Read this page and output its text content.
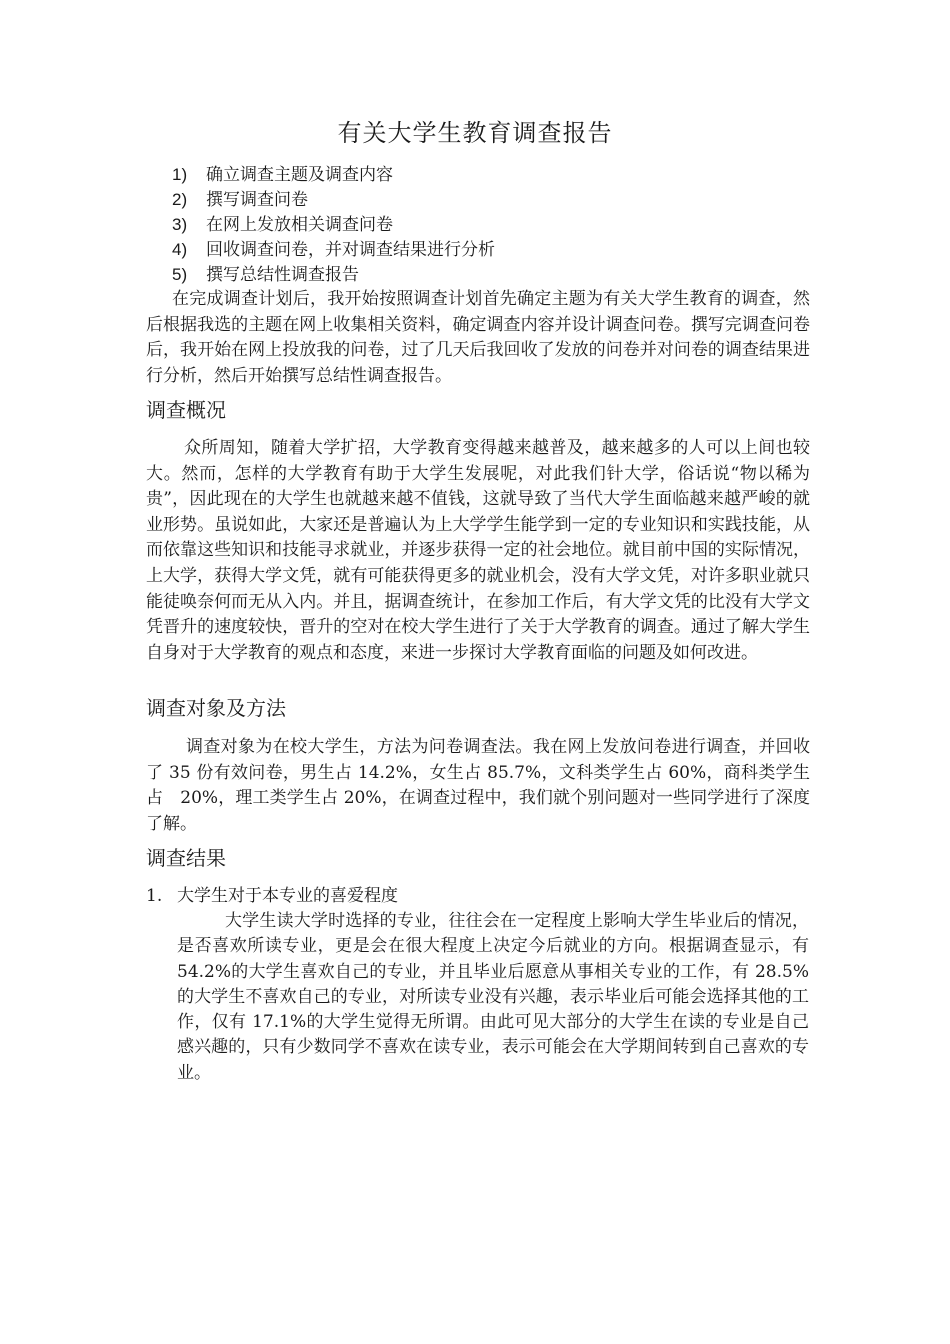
有关大学生教育调查报告
1) 确立调查主题及调查内容
2) 撰写调查问卷
3) 在网上发放相关调查问卷
4) 回收调查问卷，并对调查结果进行分析
5) 撰写总结性调查报告

在完成调查计划后，我开始按照调查计划首先确定主题为有关大学生教育的调查，然后根据我选的主题在网上收集相关资料，确定调查内容并设计调查问卷。撰写完调查问卷后，我开始在网上投放我的问卷，过了几天后我回收了发放的问卷并对问卷的调查结果进行分析，然后开始撰写总结性调查报告。

调查概况

众所周知，随着大学扩招，大学教育变得越来越普及，越来越多的人可以上间也较大。然而，怎样的大学教育有助于大学生发展呢，对此我们针大学，俗话说“物以稀为贵”，因此现在的大学生也就越来越不值钱，这就导致了当代大学生面临越来越严峻的就业形势。虽说如此，大家还是普遍认为上大学学生能学到一定的专业知识和实践技能，从而依靠这些知识和技能寻求就业，并逐步获得一定的社会地位。就目前中国的实际情况，上大学，获得大学文凭，就有可能获得更多的就业机会，没有大学文凭，对许多职业就只能徒唤奈何而无从入内。并且，据调查统计，在参加工作后，有大学文凭的比没有大学文凭晋升的速度较快，晋升的空对在校大学生进行了关于大学教育的调查。通过了解大学生自身对于大学教育的观点和态度，来进一步探讨大学教育面临的问题及如何改进。

调查对象及方法

调查对象为在校大学生，方法为问卷调查法。我在网上发放问卷进行调查，并回收了 35 份有效问卷，男生占 14.2%，女生占 85.7%，文科类学生占 60%，商科类学生占　20%，理工类学生占 20%，在调查过程中，我们就个别问题对一些同学进行了深度了解。

调查结果
1. 大学生对于本专业的喜爱程度

大学生读大学时选择的专业，往往会在一定程度上影响大学生毕业后的情况，是否喜欢所读专业，更是会在很大程度上决定今后就业的方向。根据调查显示，有 54.2%的大学生喜欢自己的专业，并且毕业后愿意从事相关专业的工作，有 28.5%的大学生不喜欢自己的专业，对所读专业没有兴趣，表示毕业后可能会选择其他的工作，仅有 17.1%的大学生觉得无所谓。由此可见大部分的大学生在读的专业是自己感兴趣的，只有少数同学不喜欢在读专业，表示可能会在大学期间转到自己喜欢的专业。
